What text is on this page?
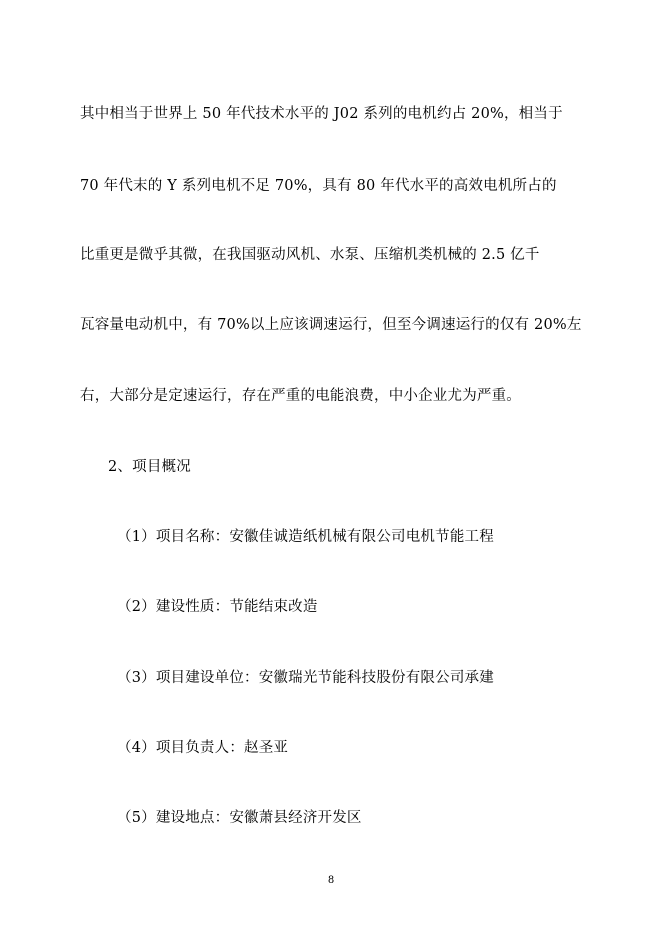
其中相当于世界上 50 年代技术水平的 J02 系列的电机约占 20%，相当于
70 年代末的 Y 系列电机不足 70%，具有 80 年代水平的高效电机所占的
比重更是微乎其微，在我国驱动风机、水泵、压缩机类机械的 2.5 亿千
瓦容量电动机中，有 70%以上应该调速运行，但至今调速运行的仅有 20%左
右，大部分是定速运行，存在严重的电能浪费，中小企业尤为严重。
2、项目概况
（1）项目名称：安徽佳诚造纸机械有限公司电机节能工程
（2）建设性质：节能结束改造
（3）项目建设单位：安徽瑞光节能科技股份有限公司承建
（4）项目负责人：赵圣亚
（5）建设地点：安徽萧县经济开发区
8
